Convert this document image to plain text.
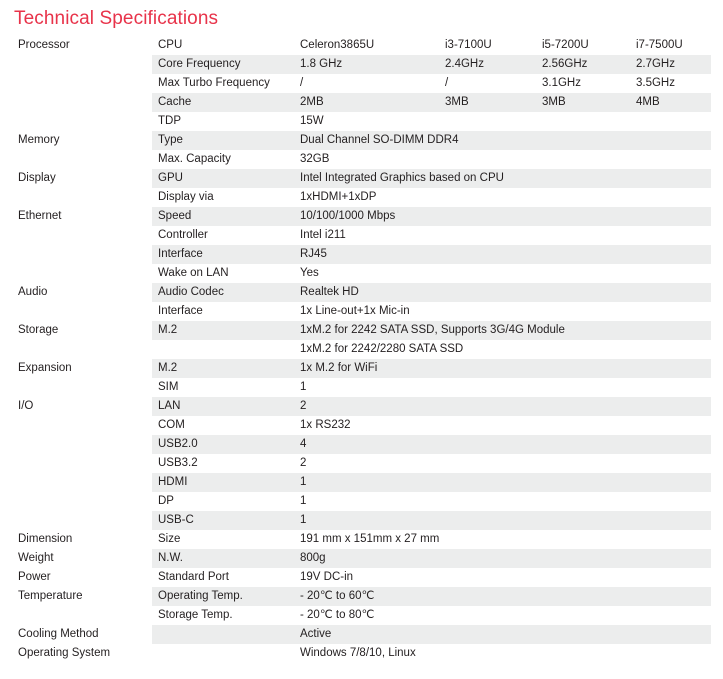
Technical Specifications
Processor	CPU	Celeron3865U	i3-7100U	i5-7200U	i7-7500U
	Core Frequency	1.8 GHz	2.4GHz	2.56GHz	2.7GHz
	Max Turbo Frequency	/	/	3.1GHz	3.5GHz
	Cache	2MB	3MB	3MB	4MB
	TDP	15W			
Memory	Type	Dual Channel SO-DIMM DDR4			
	Max. Capacity	32GB			
Display	GPU	Intel Integrated Graphics based on CPU			
	Display via	1xHDMI+1xDP			
Ethernet	Speed	10/100/1000 Mbps			
	Controller	Intel i211			
	Interface	RJ45			
	Wake on LAN	Yes			
Audio	Audio Codec	Realtek HD			
	Interface	1x Line-out+1x Mic-in			
Storage	M.2	1xM.2 for 2242 SATA SSD, Supports 3G/4G Module			
		1xM.2 for 2242/2280 SATA SSD			
Expansion	M.2	1x M.2 for WiFi			
	SIM	1			
I/O	LAN	2			
	COM	1x RS232			
	USB2.0	4			
	USB3.2	2			
	HDMI	1			
	DP	1			
	USB-C	1			
Dimension	Size	191 mm x 151mm x 27 mm			
Weight	N.W.	800g			
Power	Standard Port	19V DC-in			
Temperature	Operating Temp.	- 20℃ to 60℃			
	Storage Temp.	- 20℃ to 80℃			
Cooling Method		Active			
Operating System		Windows 7/8/10, Linux			
